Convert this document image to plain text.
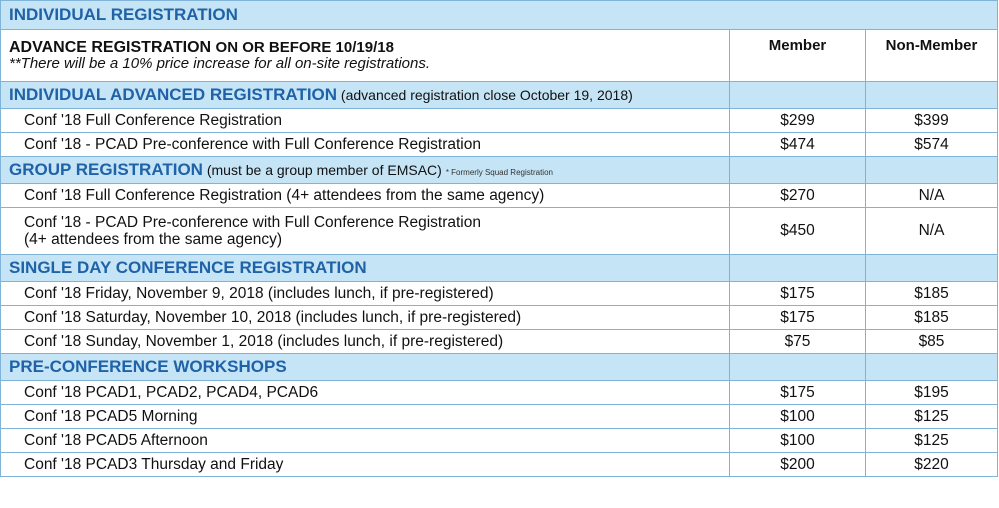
INDIVIDUAL REGISTRATION		

ADVANCE REGISTRATION ON OR BEFORE 10/19/18
**There will be a 10% price increase for all on-site registrations.	Member	Non-Member
INDIVIDUAL ADVANCED REGISTRATION (advanced registration close October 19, 2018)		
Conf '18 Full Conference Registration	$299	$399
Conf '18 - PCAD Pre-conference with Full Conference Registration	$474	$574
GROUP REGISTRATION (must be a group member of EMSAC) * Formerly Squad Registration		
Conf '18 Full Conference Registration (4+ attendees from the same agency)	$270	N/A

Conf '18 - PCAD Pre-conference with Full Conference Registration
(4+ attendees from the same agency)	$450	N/A
SINGLE DAY CONFERENCE REGISTRATION		
Conf '18 Friday, November 9, 2018 (includes lunch, if pre-registered)	$175	$185
Conf '18 Saturday, November 10, 2018 (includes lunch, if pre-registered)	$175	$185
Conf '18 Sunday, November 1, 2018 (includes lunch, if pre-registered)	$75	$85
PRE-CONFERENCE WORKSHOPS		
Conf '18 PCAD1, PCAD2, PCAD4, PCAD6	$175	$195
Conf '18 PCAD5 Morning	$100	$125
Conf '18 PCAD5 Afternoon	$100	$125
Conf '18 PCAD3 Thursday and Friday	$200	$220
